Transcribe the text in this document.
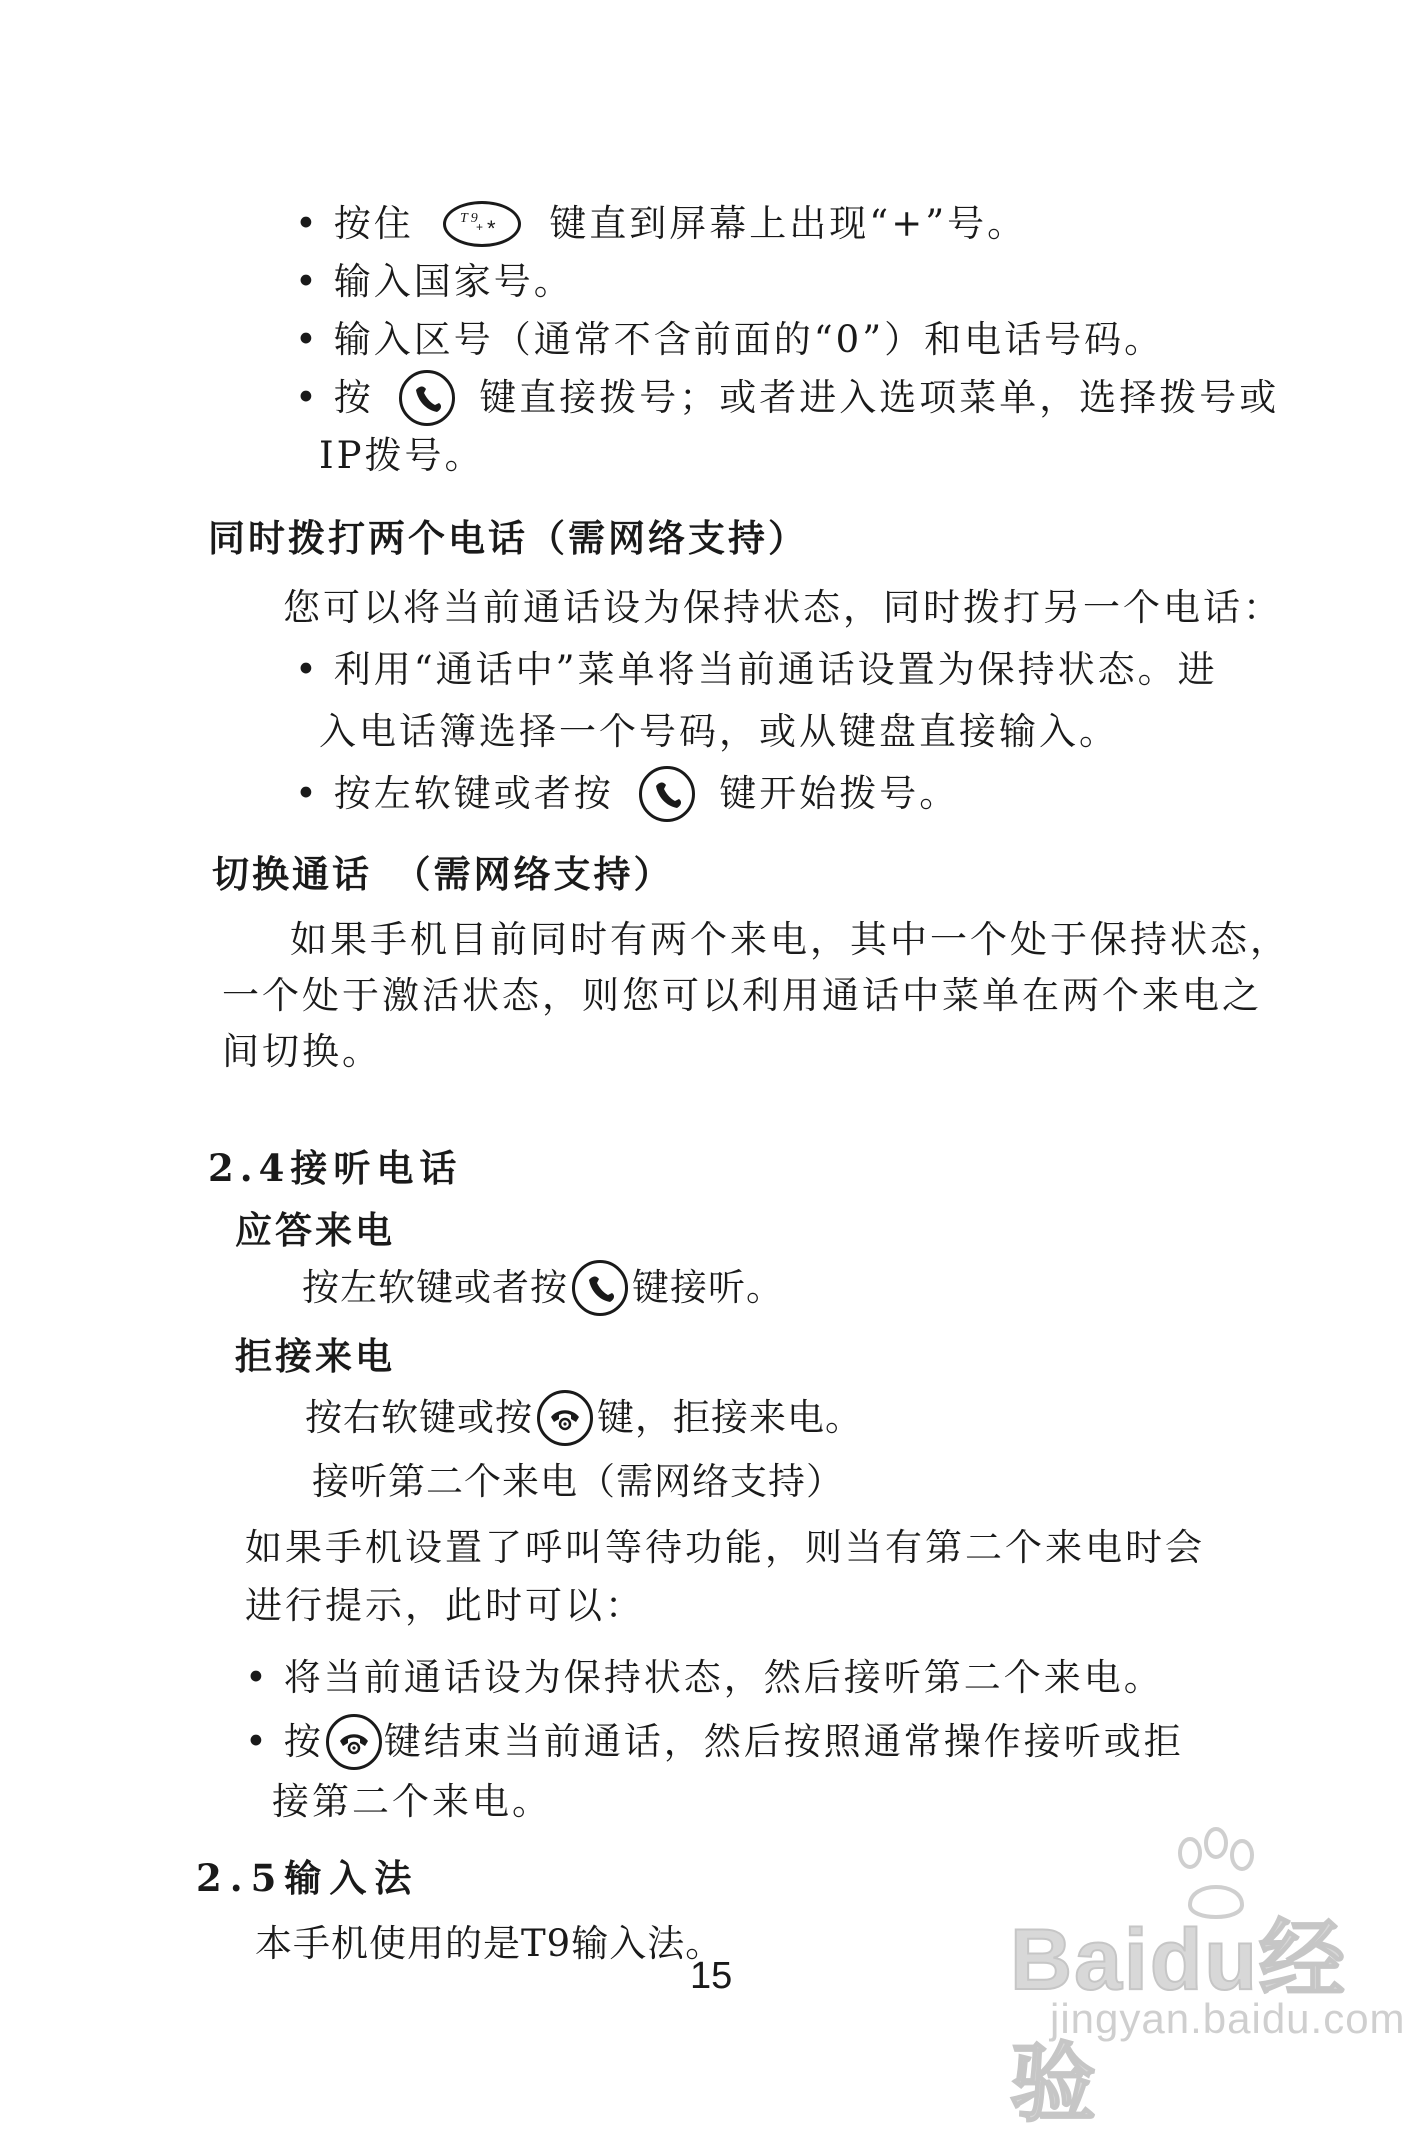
• 按住	T9
+ * 键直到屏幕上出现“+”号。
• 输入国家号。
• 输入区号（通常不含前面的“0”）和电话号码。
• 按	键直接拨号；或者进入选项菜单，选择拨号或
IP拨号。
同时拨打两个电话（需网络支持）
您可以将当前通话设为保持状态，同时拨打另一个电话：
• 利用“通话中”菜单将当前通话设置为保持状态。进
入电话簿选择一个号码，或从键盘直接输入。
• 按左软键或者按	键开始拨号。
切换通话　（需网络支持）
如果手机目前同时有两个来电，其中一个处于保持状态，
一个处于激活状态，则您可以利用通话中菜单在两个来电之
间切换。
2.4接听电话
应答来电
按左软键或者按 键接听。
拒接来电
按右软键或按 键，拒接来电。
接听第二个来电（需网络支持）
如果手机设置了呼叫等待功能，则当有第二个来电时会
进行提示，此时可以：
• 将当前通话设为保持状态，然后接听第二个来电。
• 按 键结束当前通话，然后按照通常操作接听或拒
接第二个来电。
2.5输入法
本手机使用的是T9输入法。
15	Baidu经验
jingyan.baidu.com
